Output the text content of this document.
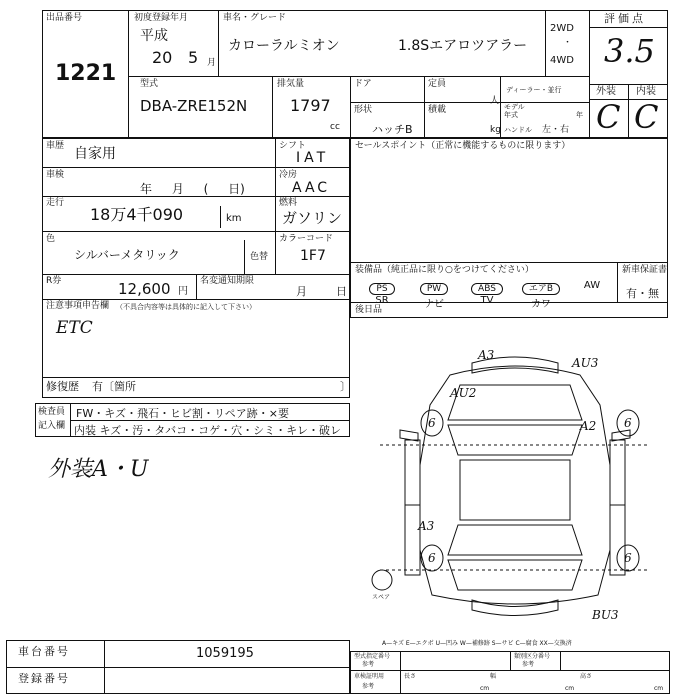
出品番号
1221
初度登録年月
平成
20 5 月
車名・グレード
カローラルミオン	1.8Sエアロツアラー
2WD
・
4WD
評価点
3.5
外装 内装
C C
型式
DBA-ZRE152N
排気量
1797
cc
ドア	定員
人
ディーラー・並行
形状
ハッチB
積載
kg
モデル
年式	年
ハンドル 左・右
車歴 自家用	シフト
IAT
車検
年 月 ( 日)
冷房
AAC
走行
18万4千090	km
燃料
ガソリン
色
シルバーメタリック	色替
カラーコード
1F7
R券	12,600 円
名変通知期限
月	日
注意事項申告欄 （不具合内容等は具体的に記入して下さい）
ETC
修復歴 有〔箇所	〕
セールスポイント（正常に機能するものに限ります）
装備品（純正品に限り○をつけてください）	新車保証書
有・無
PS
SR
PW
ナビ
ABS
TV
エアB
カワ
AW
後日品
検査員
記入欄
FW・キズ・飛石・ヒビ割・リペア跡・×要
内装 キズ・汚・タバコ・コゲ・穴・シミ・キレ・破レ
外装A・U
A3
AU3
AU2
A2
A3
BU3
6	6
6	6
スペア
A—キズ E—エクボ U—凹み W—補修跡 S—サビ C—腐食 XX—交換済
車台番号	1059195
登録番号
型式指定番号
参考
類別区分番号
参考
車検証明用
参考
長さ
cm
幅
cm
高さ
cm
